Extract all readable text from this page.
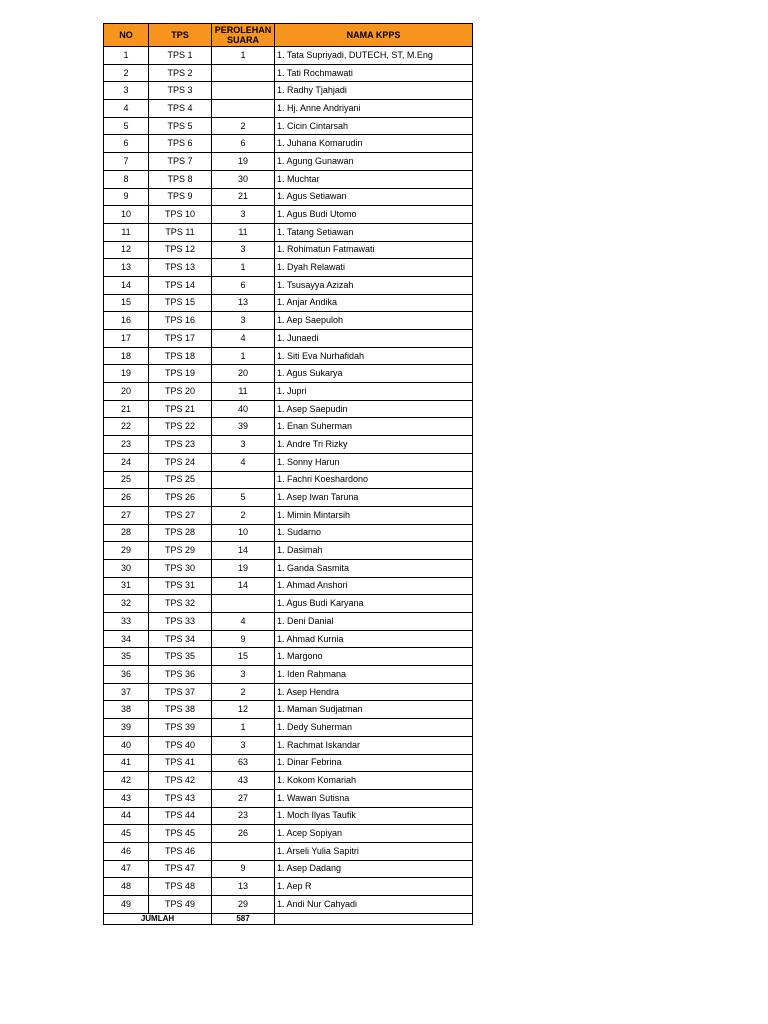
NO	TPS	PEROLEHAN SUARA	NAMA KPPS
1	TPS 1	1	1. Tata Supriyadi, DUTECH, ST, M.Eng
2	TPS 2		1. Tati Rochmawati
3	TPS 3		1. Radhy Tjahjadi
4	TPS 4		1. Hj. Anne Andriyani
5	TPS 5	2	1. Cicin Cintarsah
6	TPS 6	6	1. Juhana Komarudin
7	TPS 7	19	1. Agung Gunawan
8	TPS 8	30	1. Muchtar
9	TPS 9	21	1. Agus Setiawan
10	TPS 10	3	1. Agus Budi Utomo
11	TPS 11	11	1. Tatang Setiawan
12	TPS 12	3	1. Rohimatun Fatmawati
13	TPS 13	1	1. Dyah Relawati
14	TPS 14	6	1. Tsusayya Azizah
15	TPS 15	13	1. Anjar Andika
16	TPS 16	3	1. Aep Saepuloh
17	TPS 17	4	1. Junaedi
18	TPS 18	1	1. Siti Eva Nurhafidah
19	TPS 19	20	1. Agus Sukarya
20	TPS 20	11	1. Jupri
21	TPS 21	40	1. Asep Saepudin
22	TPS 22	39	1. Enan Suherman
23	TPS 23	3	1. Andre Tri Rizky
24	TPS 24	4	1. Sonny Harun
25	TPS 25		1. Fachri Koeshardono
26	TPS 26	5	1. Asep Iwan Taruna
27	TPS 27	2	1. Mimin Mintarsih
28	TPS 28	10	1. Sudarno
29	TPS 29	14	1. Dasimah
30	TPS 30	19	1. Ganda Sasmita
31	TPS 31	14	1. Ahmad Anshori
32	TPS 32		1. Agus Budi Karyana
33	TPS 33	4	1. Deni Danial
34	TPS 34	9	1. Ahmad Kurnia
35	TPS 35	15	1. Margono
36	TPS 36	3	1. Iden Rahmana
37	TPS 37	2	1. Asep Hendra
38	TPS 38	12	1. Maman Sudjatman
39	TPS 39	1	1. Dedy Suherman
40	TPS 40	3	1. Rachmat Iskandar
41	TPS 41	63	1. Dinar Febrina
42	TPS 42	43	1. Kokom Komariah
43	TPS 43	27	1. Wawan Sutisna
44	TPS 44	23	1. Moch Ilyas Taufik
45	TPS 45	26	1. Acep Sopiyan
46	TPS 46		1. Arseli Yulia Sapitri
47	TPS 47	9	1. Asep Dadang
48	TPS 48	13	1. Aep R
49	TPS 49	29	1. Andi Nur Cahyadi
JUMLAH		587	
